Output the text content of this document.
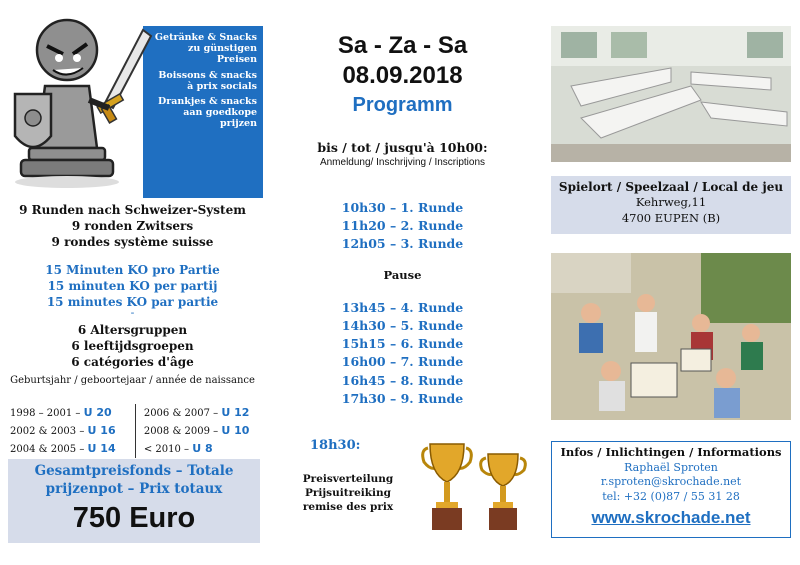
Getränke & Snacks zu günstigen Preisen

Boissons & snacks à prix socials

Drankjes & snacks aan goedkope prijzen

9 Runden nach Schweizer-System
9 ronden Zwitsers
9 rondes système suisse
15 Minuten KO pro Partie
15 minuten KO per partij
15 minutes KO par partie
-
6 Altersgruppen
6 leeftijdsgroepen
6 catégories d'âge
Geburtsjahr / geboortejaar / année de naissance
1998 – 2001 – U 20	2006 & 2007 – U 12
2002 & 2003 – U 16	2008 & 2009 – U 10
2004 & 2005 – U 14	< 2010 – U 8
Gesamtpreisfonds – Totale
prijzenpot – Prix totaux
750 Euro
Sa - Za - Sa
08.09.2018
Programm
bis / tot / jusqu'à 10h00:
Anmeldung/ Inschrijving / Inscriptions
10h30 – 1. Runde
11h20 – 2. Runde
12h05 – 3. Runde
Pause
13h45 – 4. Runde
14h30 – 5. Runde
15h15 – 6. Runde
16h00 – 7. Runde
16h45 – 8. Runde
17h30 – 9. Runde
18h30:
Preisverteilung
Prijsuitreiking
remise des prix
Spielort / Speelzaal / Local de jeu
Kehrweg,11
4700 EUPEN (B)
Infos / Inlichtingen / Informations
Raphaël Sproten
r.sproten@skrochade.net
tel: +32 (0)87 / 55 31 28
www.skrochade.net
